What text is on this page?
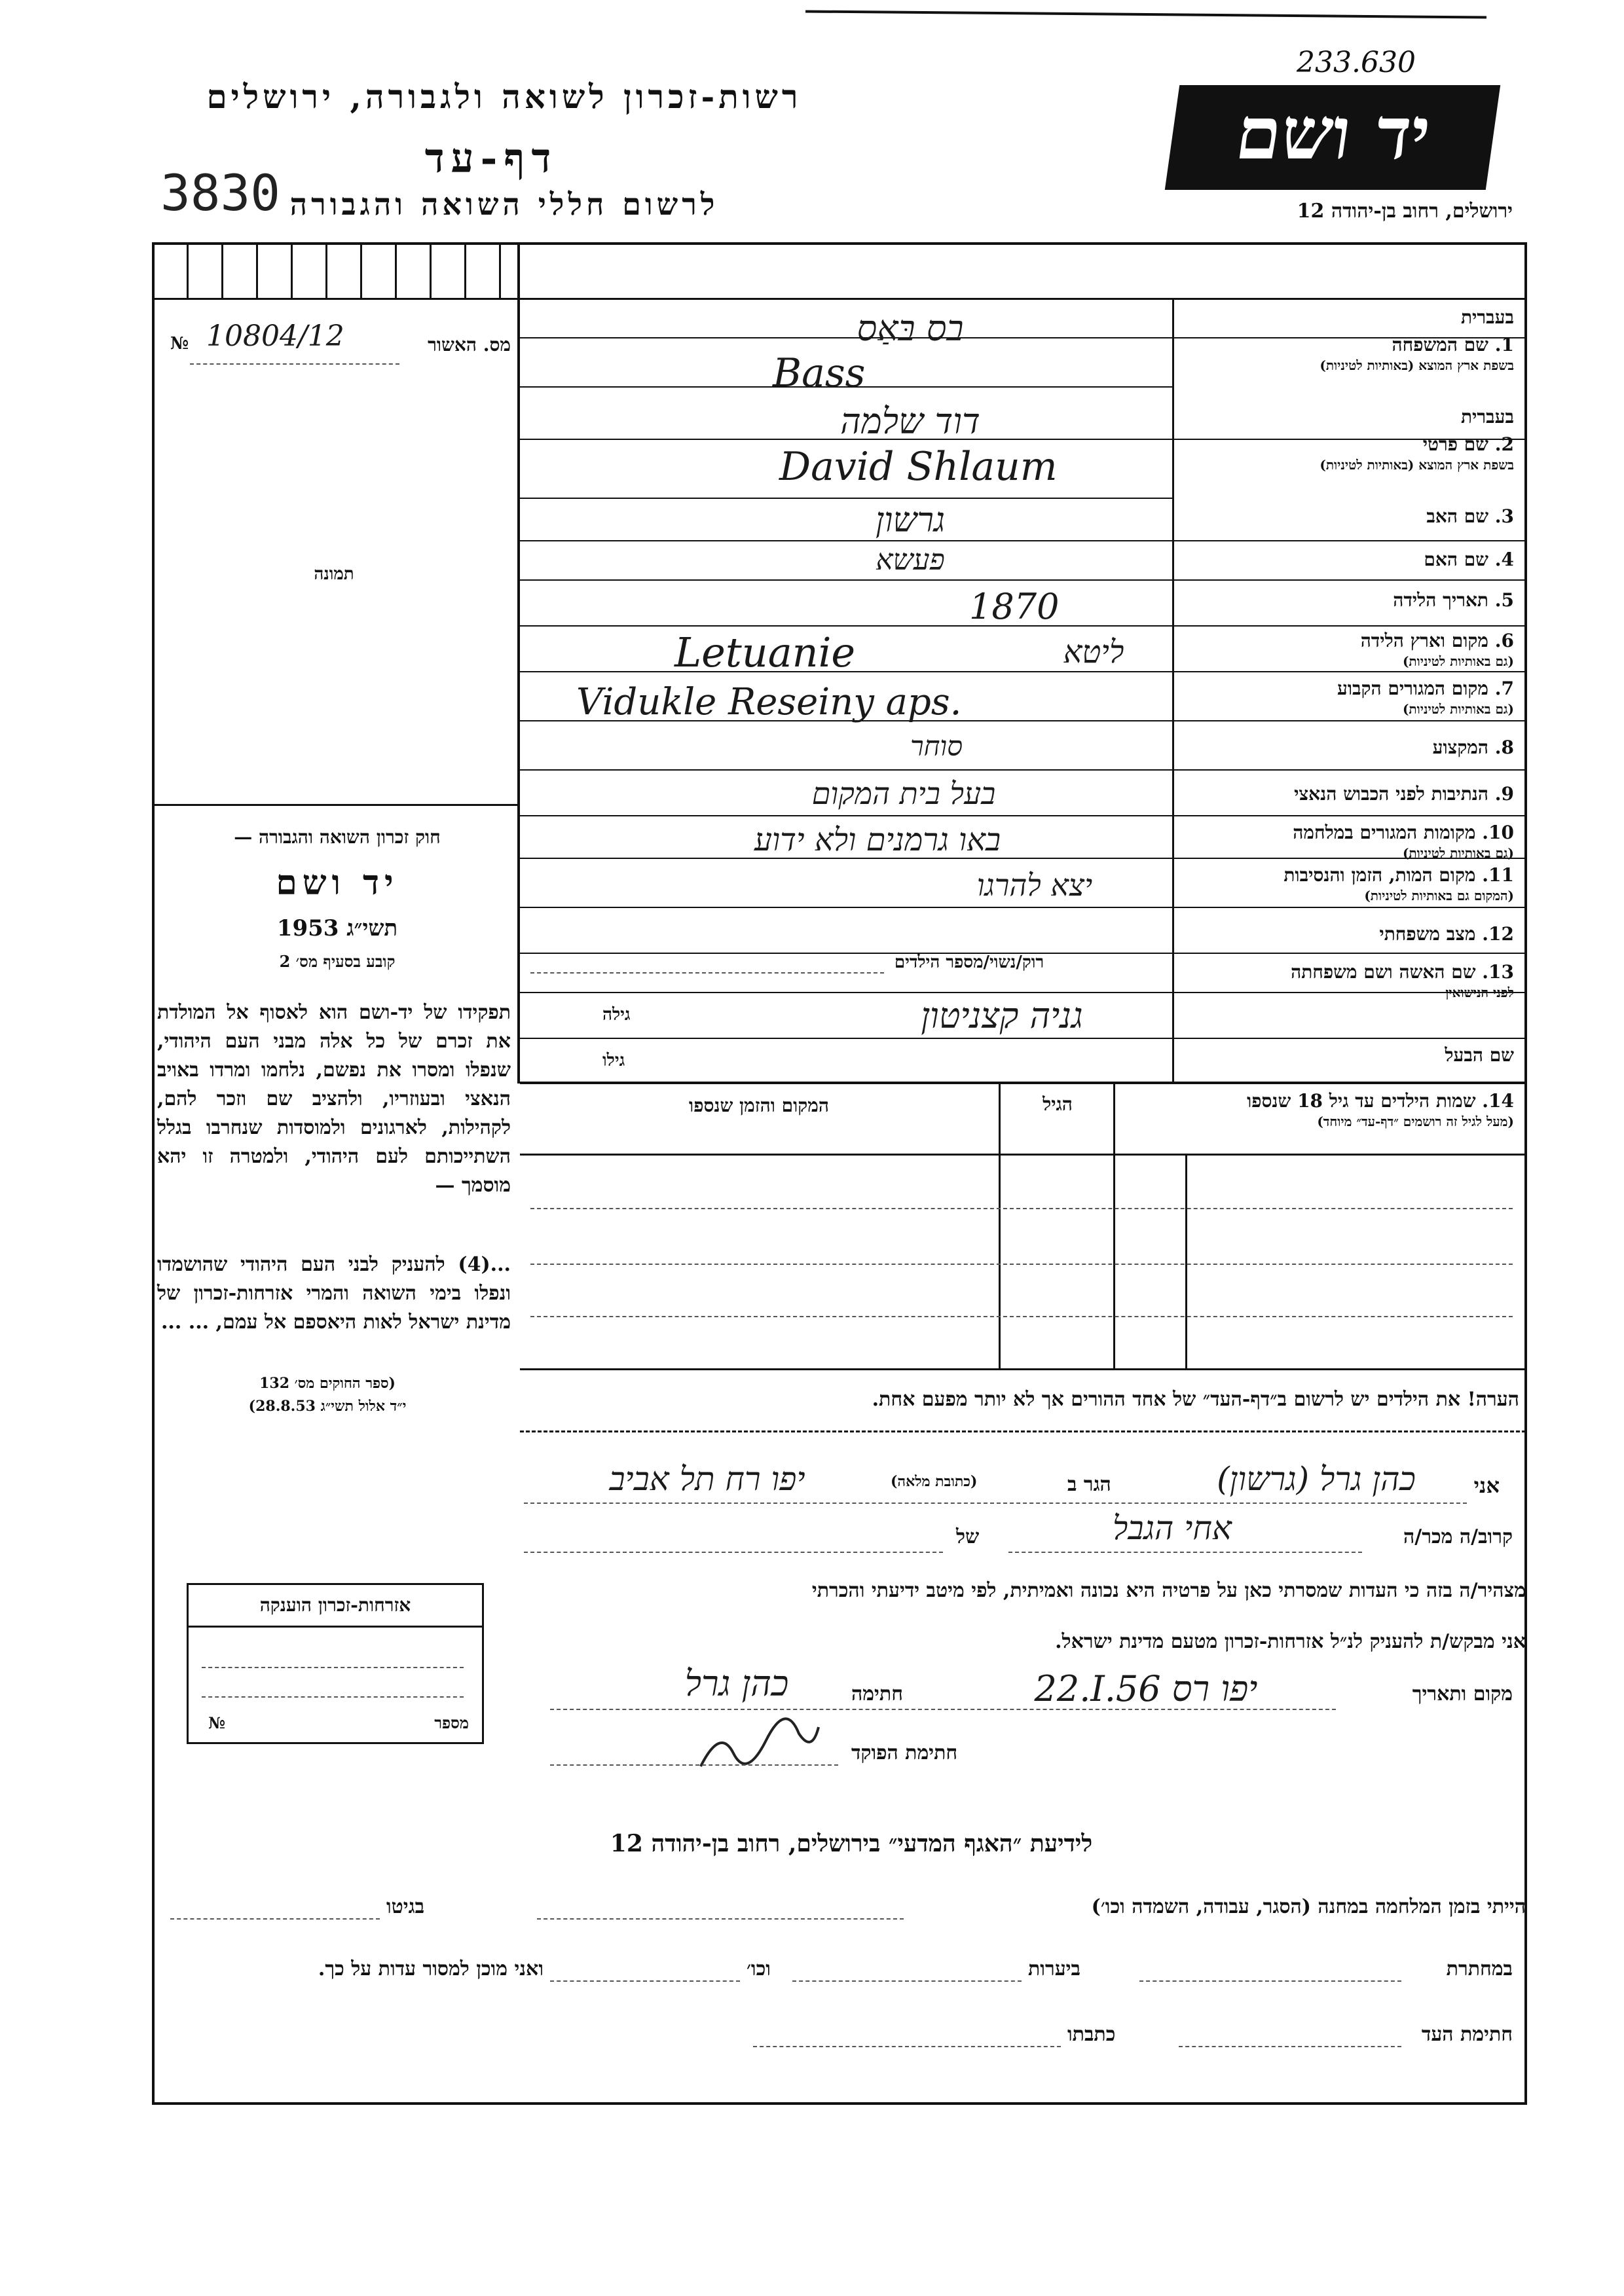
233.630
רשות-זכרון לשואה ולגבורה, ירושלים
דף-עד
3830 לרשום חללי השואה והגבורה
יד ושם
ירושלים, רחוב בן-יהודה 12
מס. האשור
10804/12
№
תמונה
חוק זכרון השואה והגבורה —
יד ושם
תשי״ג 1953
קובע בסעיף מס׳ 2
תפקידו של יד-ושם הוא לאסוף אל המולדת את זכרם של כל אלה מבני העם היהודי, שנפלו ומסרו את נפשם, נלחמו ומרדו באויב הנאצי ובעוזריו, ולהציב שם וזכר להם, לקהילות, לארגונים ולמוסדות שנחרבו בגלל השתייכותם לעם היהודי, ולמטרה זו יהא מוסמך —
...(4) להעניק לבני העם היהודי שהושמדו ונפלו בימי השואה והמרי אזרחות-זכרון של מדינת ישראל לאות היאספם אל עמם, ... ...
(ספר החוקים מס׳ 132
י״ד אלול תשי״ג 28.8.53)
אזרחות-זכרון הוענקה
מספר
№
בעברית
1. שם המשפחה
בשפת ארץ המוצא (באותיות לטיניות)
בעברית
2. שם פרטי
בשפת ארץ המוצא (באותיות לטיניות)
3. שם האב
4. שם האם
5. תאריך הלידה
6. מקום וארץ הלידה
(גם באותיות לטיניות)
7. מקום המגורים הקבוע
(גם באותיות לטיניות)
8. המקצוע
9. הנתיבות לפני הכבוש הנאצי
10. מקומות המגורים במלחמה
(גם באותיות לטיניות)
11. מקום המות, הזמן והנסיבות
(המקום גם באותיות לטיניות)
12. מצב משפחתי
13. שם האשה ושם משפחתה
לפני הנישואין
שם הבעל
בס בּאַס
Bass
דוד שלמה
David Shlaum
גרשון
פעשא
1870
Letuanie	ליטא
Vidukle Reseiny aps.
סוחר
בעל בית המקום
באו גרמנים ולא ידוע
יצא להרגו
רוק/נשוי/מספר הילדים
גניה קצניטון
גילה
גילו
14. שמות הילדים עד גיל 18 שנספו
(מעל לגיל זה רושמים ״דף-עד״ מיוחד)
הגיל
המקום והזמן שנספו
הערה! את הילדים יש לרשום ב״דף-העד״ של אחד ההורים אך לא יותר מפעם אחת.
אני
כהן גרל (גרשון)
הגר ב
(כתובת מלאה)
יפו רח תל אביב
קרוב/ה מכר/ה
אחי הגבל
של
מצהיר/ה בזה כי העדות שמסרתי כאן על פרטיה היא נכונה ואמיתית, לפי מיטב ידיעתי והכרתי
אני מבקש/ת להעניק לנ״ל אזרחות-זכרון מטעם מדינת ישראל.
מקום ותאריך
22.I.56 יפו רס
חתימה
כהן גרל
חתימת הפוקד
לידיעת ״האגף המדעי״ בירושלים, רחוב בן-יהודה 12
הייתי בזמן המלחמה במחנה (הסגר, עבודה, השמדה וכו׳)
בגיטו
במחתרת
ביערות
וכו׳
ואני מוכן למסור עדות על כך.
חתימת העד
כתבתו
